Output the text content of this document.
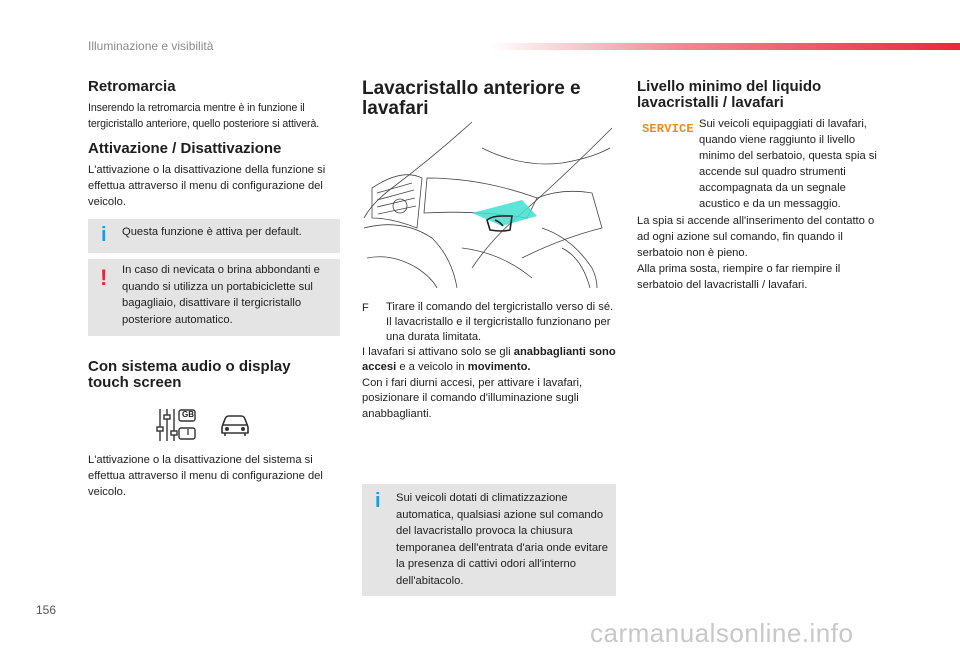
Illuminazione e visibilità
Retromarcia

Inserendo la retromarcia mentre è in funzione il tergicristallo anteriore, quello posteriore si attiverà.

Attivazione / Disattivazione

L'attivazione o la disattivazione della funzione si effettua attraverso il menu di configurazione del veicolo.

i Questa funzione è attiva per default.
! In caso di nevicata o brina abbondanti e quando si utilizza un portabiciclette sul bagagliaio, disattivare il tergicristallo posteriore automatico.
Con sistema audio o display
touch screen
GB
I

L'attivazione o la disattivazione del sistema si effettua attraverso il menu di configurazione del veicolo.

Lavacristallo anteriore e
lavafari
F Tirare il comando del tergicristallo verso di sé. Il lavacristallo e il tergicristallo funzionano per una durata limitata.

I lavafari si attivano solo se gli anabbaglianti sono accesi e a veicolo in movimento.
Con i fari diurni accesi, per attivare i lavafari, posizionare il comando d'illuminazione sugli anabbaglianti.

i Sui veicoli dotati di climatizzazione automatica, qualsiasi azione sul comando del lavacristallo provoca la chiusura temporanea dell'entrata d'aria onde evitare la presenza di cattivi odori all'interno dell'abitacolo.
Livello minimo del liquido
lavacristalli / lavafari
SERVICE Sui veicoli equipaggiati di lavafari, quando viene raggiunto il livello minimo del serbatoio, questa spia si accende sul quadro strumenti accompagnata da un segnale acustico e da un messaggio.

La spia si accende all'inserimento del contatto o ad ogni azione sul comando, fin quando il serbatoio non è pieno.

Alla prima sosta, riempire o far riempire il serbatoio del lavacristalli / lavafari.

156
carmanualsonline.info
